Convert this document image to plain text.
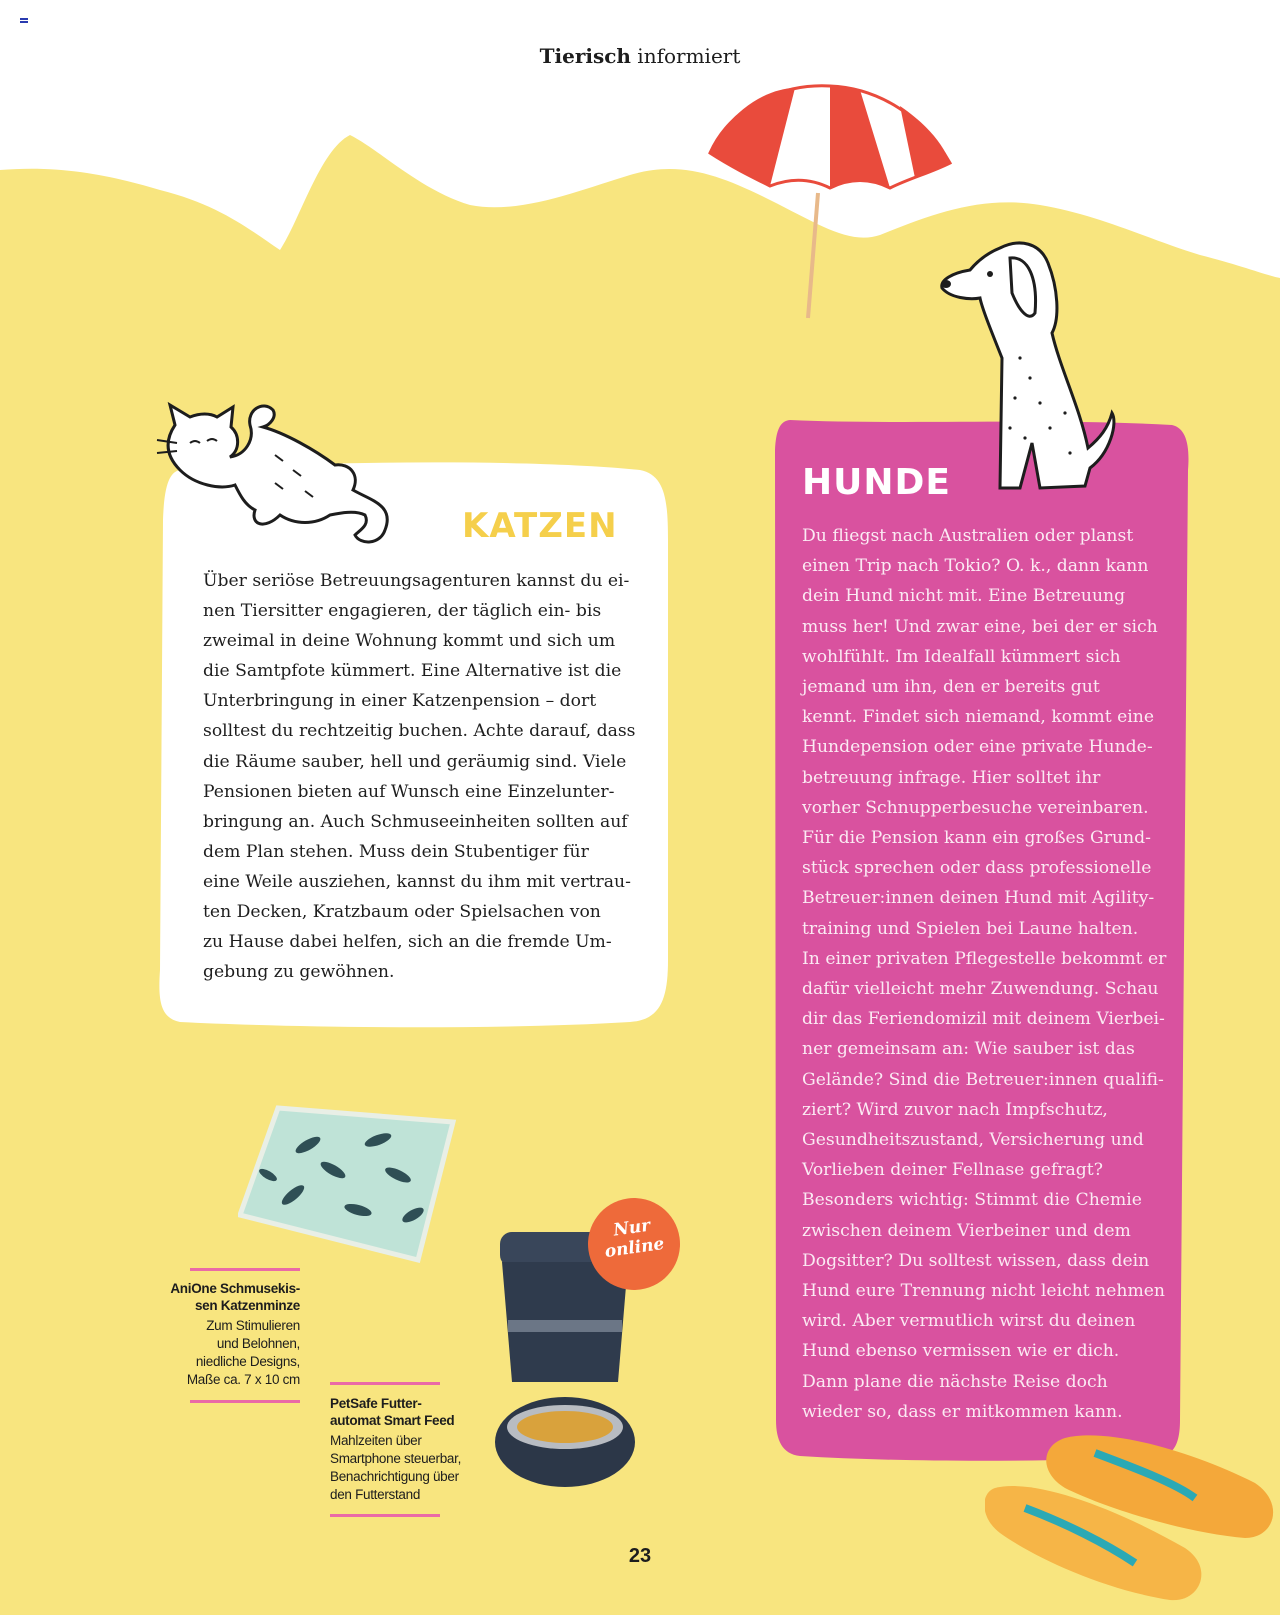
Tierisch informiert
KATZEN
Über seriöse Betreuungsagenturen kannst du ei-
nen Tiersitter engagieren, der täglich ein- bis
zweimal in deine Wohnung kommt und sich um
die Samtpfote kümmert. Eine Alternative ist die
Unterbringung in einer Katzenpension – dort
solltest du rechtzeitig buchen. Achte darauf, dass
die Räume sauber, hell und geräumig sind. Viele
Pensionen bieten auf Wunsch eine Einzelunter-
bringung an. Auch Schmuseeinheiten sollten auf
dem Plan stehen. Muss dein Stubentiger für
eine Weile ausziehen, kannst du ihm mit vertrau-
ten Decken, Kratzbaum oder Spielsachen von
zu Hause dabei helfen, sich an die fremde Um-
gebung zu gewöhnen.
HUNDE
Du fliegst nach Australien oder planst
einen Trip nach Tokio? O. k., dann kann
dein Hund nicht mit. Eine Betreuung
muss her! Und zwar eine, bei der er sich
wohlfühlt. Im Idealfall kümmert sich
jemand um ihn, den er bereits gut
kennt. Findet sich niemand, kommt eine
Hundepension oder eine private Hunde-
betreuung infrage. Hier solltet ihr
vorher Schnupperbesuche vereinbaren.
Für die Pension kann ein großes Grund-
stück sprechen oder dass professionelle
Betreuer:innen deinen Hund mit Agility-
training und Spielen bei Laune halten.
In einer privaten Pflegestelle bekommt er
dafür vielleicht mehr Zuwendung. Schau
dir das Feriendomizil mit deinem Vierbei-
ner gemeinsam an: Wie sauber ist das
Gelände? Sind die Betreuer:innen qualifi-
ziert? Wird zuvor nach Impfschutz,
Gesundheitszustand, Versicherung und
Vorlieben deiner Fellnase gefragt?
Besonders wichtig: Stimmt die Chemie
zwischen deinem Vierbeiner und dem
Dogsitter? Du solltest wissen, dass dein
Hund eure Trennung nicht leicht nehmen
wird. Aber vermutlich wirst du deinen
Hund ebenso vermissen wie er dich.
Dann plane die nächste Reise doch
wieder so, dass er mitkommen kann.
Nur
online
AniOne Schmusekis-
sen Katzenminze
Zum Stimulieren
und Belohnen,
niedliche Designs,
Maße ca. 7 x 10 cm
PetSafe Futter-
automat Smart Feed
Mahlzeiten über
Smartphone steuerbar,
Benachrichtigung über
den Futterstand
23
